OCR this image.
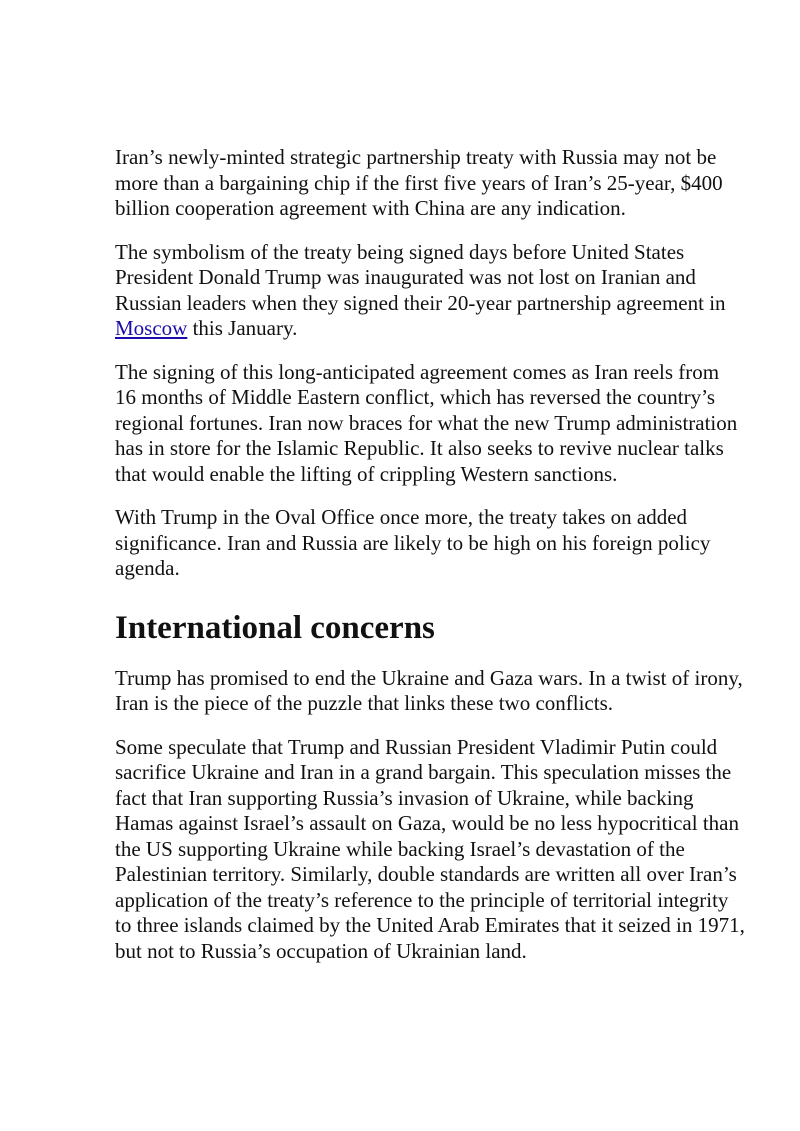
Iran’s newly-minted strategic partnership treaty with Russia may not be more than a bargaining chip if the first five years of Iran’s 25-year, $400 billion cooperation agreement with China are any indication.

The symbolism of the treaty being signed days before United States President Donald Trump was inaugurated was not lost on Iranian and Russian leaders when they signed their 20-year partnership agreement in Moscow this January.

The signing of this long-anticipated agreement comes as Iran reels from 16 months of Middle Eastern conflict, which has reversed the country’s regional fortunes. Iran now braces for what the new Trump administration has in store for the Islamic Republic. It also seeks to revive nuclear talks that would enable the lifting of crippling Western sanctions.

With Trump in the Oval Office once more, the treaty takes on added significance. Iran and Russia are likely to be high on his foreign policy agenda.

International concerns

Trump has promised to end the Ukraine and Gaza wars. In a twist of irony, Iran is the piece of the puzzle that links these two conflicts.

Some speculate that Trump and Russian President Vladimir Putin could sacrifice Ukraine and Iran in a grand bargain. This speculation misses the fact that Iran supporting Russia’s invasion of Ukraine, while backing Hamas against Israel’s assault on Gaza, would be no less hypocritical than the US supporting Ukraine while backing Israel’s devastation of the Palestinian territory. Similarly, double standards are written all over Iran’s application of the treaty’s reference to the principle of territorial integrity to three islands claimed by the United Arab Emirates that it seized in 1971, but not to Russia’s occupation of Ukrainian land.
